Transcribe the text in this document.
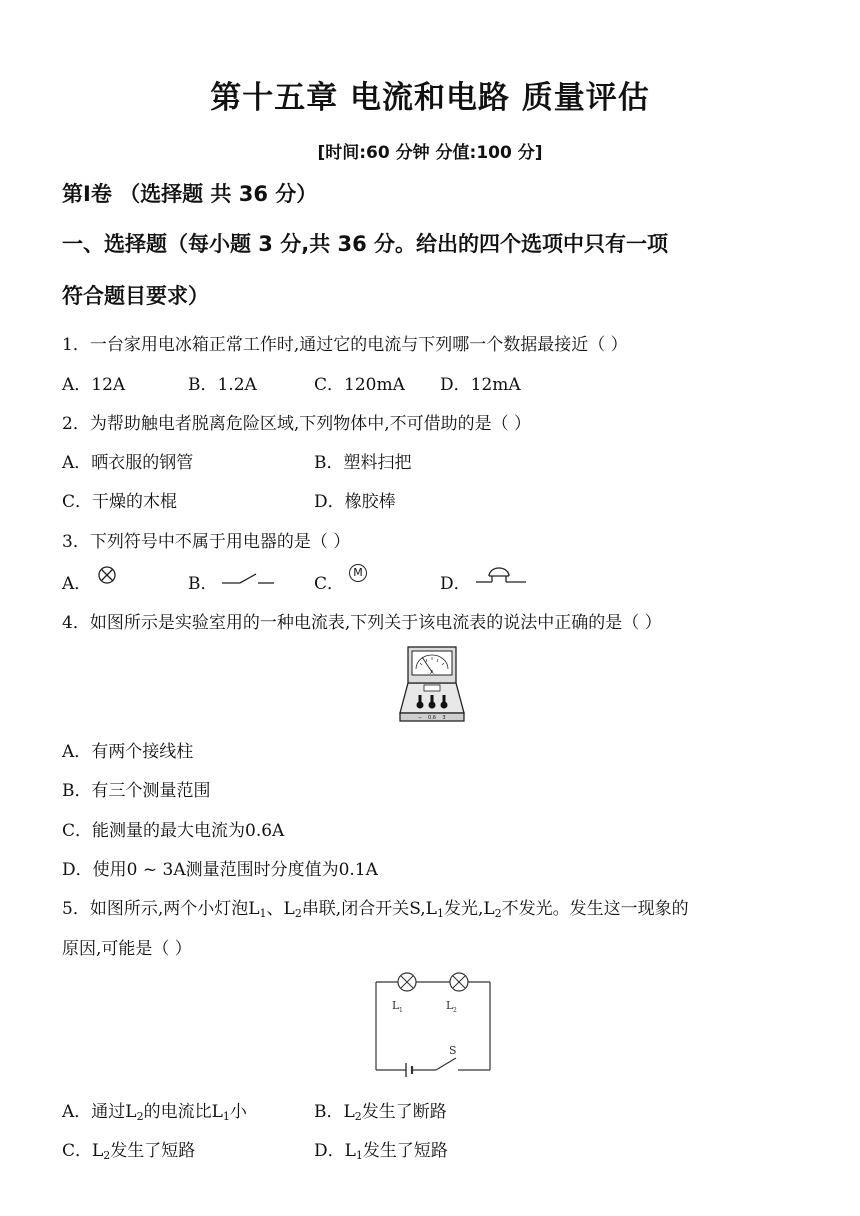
第十五章 电流和电路 质量评估
[时间:60 分钟 分值:100 分]
第Ⅰ卷 （选择题 共 36 分）
一、选择题（每小题 3 分,共 36 分。给出的四个选项中只有一项
符合题目要求）
1．一台家用电冰箱正常工作时,通过它的电流与下列哪一个数据最接近（ ）
A．12A	B．1.2A	C．120mA D．12mA
2．为帮助触电者脱离危险区域,下列物体中,不可借助的是（ ）
A．晒衣服的钢管	B．塑料扫把
C．干燥的木棍	D．橡胶棒
3．下列符号中不属于用电器的是（ ）
A．	B．	C．
M
D．
4．如图所示是实验室用的一种电流表,下列关于该电流表的说法中正确的是（ ）
A
− 0.6 3
A．有两个接线柱
B．有三个测量范围
C．能测量的最大电流为0.6A
D．使用0 ~ 3A测量范围时分度值为0.1A
5．如图所示,两个小灯泡$L_1$、$L_2$串联,闭合开关$S,L_1$发光$,L_2$不发光。发生这一现象的
原因,可能是（ ）
L 1	L 2
S
A．通过$L_2$的电流比$L_1$小	B．$L_2$发生了断路
C．$L_2$发生了短路	D．$L_1$发生了短路
